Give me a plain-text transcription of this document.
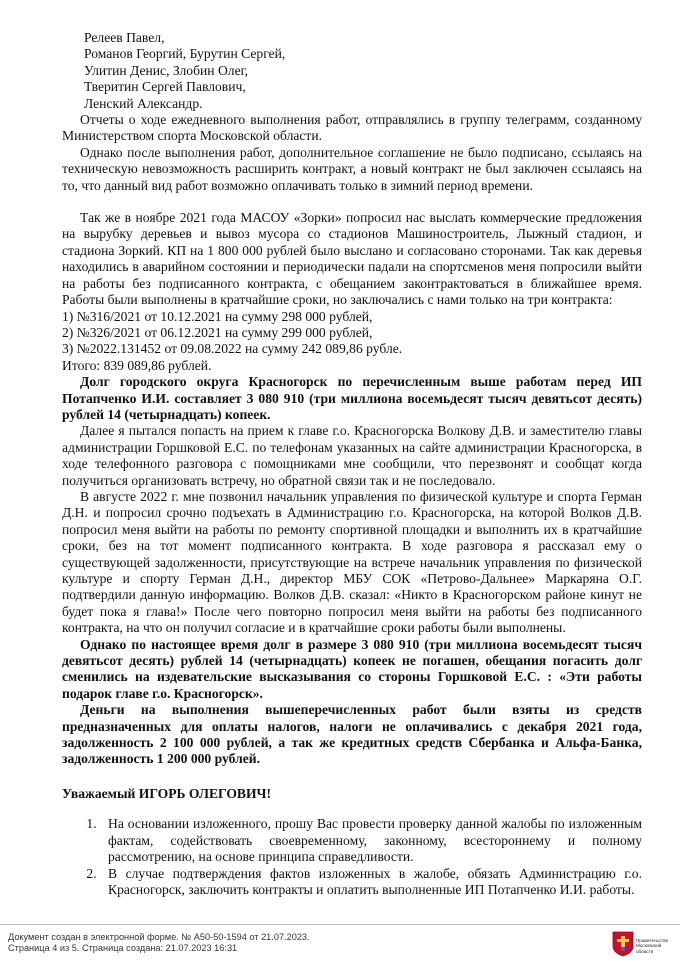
Релеев Павел,

Романов Георгий, Бурутин Сергей,

Улитин Денис, Злобин Олег,

Тверитин Сергей Павлович,

Ленский Александр.

Отчеты о ходе ежедневного выполнения работ, отправлялись в группу телеграмм, созданному Министерством спорта Московской области.

Однако после выполнения работ, дополнительное соглашение не было подписано, ссылаясь на техническую невозможность расширить контракт, а новый контракт не был заключен ссылаясь на то, что данный вид работ возможно оплачивать только в зимний период времени.

Так же в ноябре 2021 года МАСОУ «Зорки» попросил нас выслать коммерческие предложения на вырубку деревьев и вывоз мусора со стадионов Машиностроитель, Лыжный стадион, и стадиона Зоркий. КП на 1 800 000 рублей было выслано и согласовано сторонами. Так как деревья находились в аварийном состоянии и периодически падали на спортсменов меня попросили выйти на работы без подписанного контракта, с обещанием законтрактоваться в ближайшее время. Работы были выполнены в кратчайшие сроки, но заключались с нами только на три контракта:

1) №316/2021 от 10.12.2021 на сумму 298 000 рублей,

2) №326/2021 от 06.12.2021 на сумму 299 000 рублей,

3) №2022.131452 от 09.08.2022 на сумму 242 089,86 рубле.

Итого: 839 089,86 рублей.

Долг городского округа Красногорск по перечисленным выше работам перед ИП Потапченко И.И. составляет 3 080 910 (три миллиона восемьдесят тысяч девятьсот десять) рублей 14 (четырнадцать) копеек.

Далее я пытался попасть на прием к главе г.о. Красногорска Волкову Д.В. и заместителю главы администрации Горшковой Е.С. по телефонам указанных на сайте администрации Красногорска, в ходе телефонного разговора с помощниками мне сообщили, что перезвонят и сообщат когда получиться организовать встречу, но обратной связи так и не последовало.

В августе 2022 г. мне позвонил начальник управления по физической культуре и спорта Герман Д.Н. и попросил срочно подъехать в Администрацию г.о. Красногорска, на которой Волков Д.В. попросил меня выйти на работы по ремонту спортивной площадки и выполнить их в кратчайшие сроки, без на тот момент подписанного контракта. В ходе разговора я рассказал ему о существующей задолженности, присутствующие на встрече начальник управления по физической культуре и спорту Герман Д.Н., директор МБУ СОК «Петрово-Дальнее» Маркаряна О.Г. подтвердили данную информацию. Волков Д.В. сказал: «Никто в Красногорском районе кинут не будет пока я глава!» После чего повторно попросил меня выйти на работы без подписанного контракта, на что он получил согласие и в кратчайшие сроки работы были выполнены.

Однако по настоящее время долг в размере 3 080 910 (три миллиона восемьдесят тысяч девятьсот десять) рублей 14 (четырнадцать) копеек не погашен, обещания погасить долг сменились на издевательские высказывания со стороны Горшковой Е.С. : «Эти работы подарок главе г.о. Красногорск».

Деньги на выполнения вышеперечисленных работ были взяты из средств предназначенных для оплаты налогов, налоги не оплачивались с декабря 2021 года, задолженность 2 100 000 рублей, а так же кредитных средств Сбербанка и Альфа-Банка, задолженность 1 200 000 рублей.

Уважаемый ИГОРЬ ОЛЕГОВИЧ!

1. На основании изложенного, прошу Вас провести проверку данной жалобы по изложенным фактам, содействовать своевременному, законному, всестороннему и полному рассмотрению, на основе принципа справедливости.
2. В случае подтверждения фактов изложенных в жалобе, обязать Администрацию г.о. Красногорск, заключить контракты и оплатить выполненные ИП Потапченко И.И. работы.
Документ создан в электронной форме. № А50-50-1594 от 21.07.2023.
Страница 4 из 5. Страница создана: 21.07.2023 16:31
Правительство
Московской области
